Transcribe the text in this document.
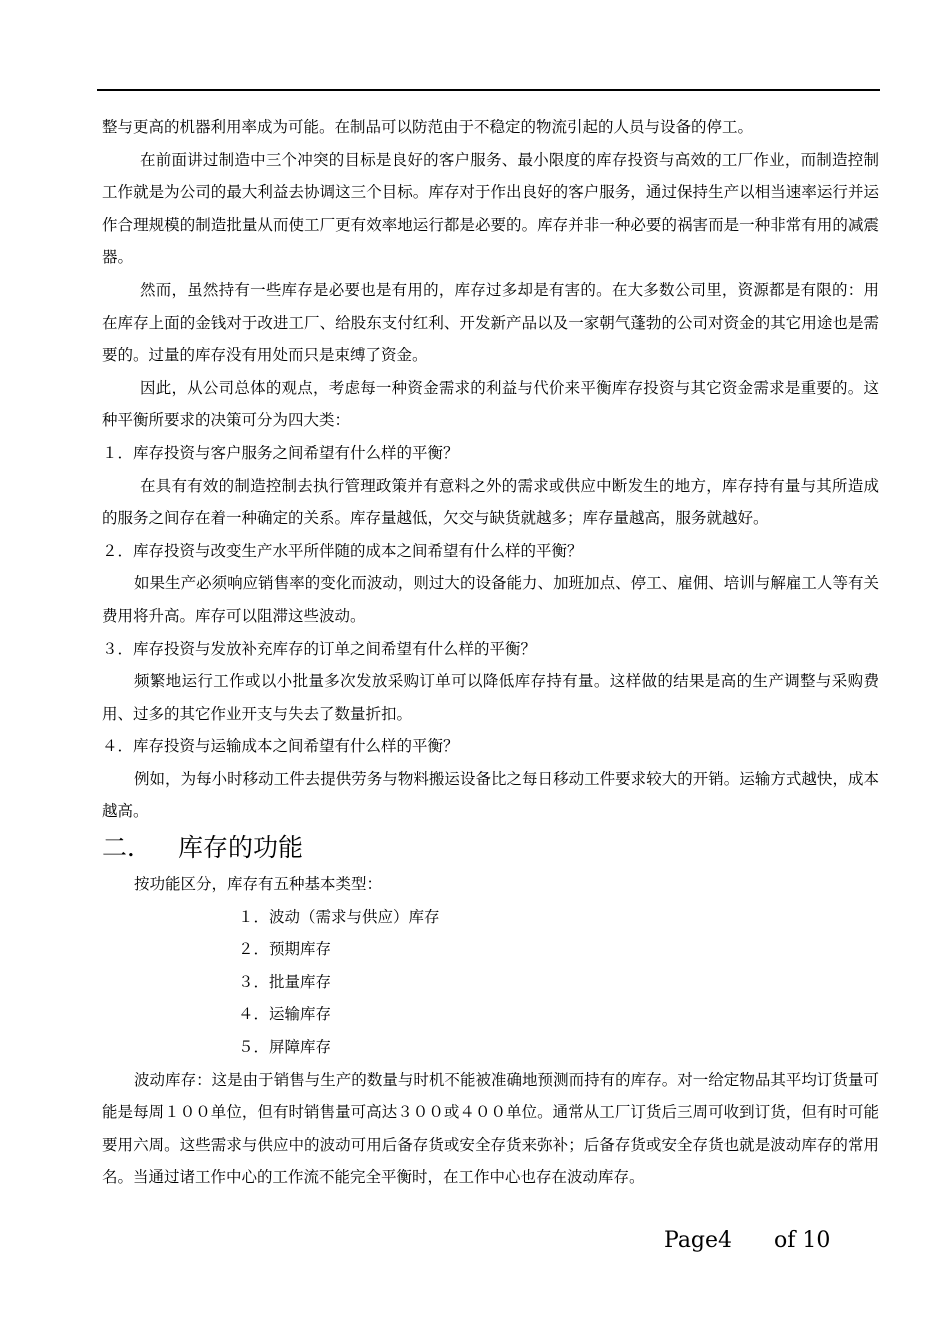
整与更高的机器利用率成为可能。在制品可以防范由于不稳定的物流引起的人员与设备的停工。

在前面讲过制造中三个冲突的目标是良好的客户服务、最小限度的库存投资与高效的工厂作业，而制造控制工作就是为公司的最大利益去协调这三个目标。库存对于作出良好的客户服务，通过保持生产以相当速率运行并运作合理规模的制造批量从而使工厂更有效率地运行都是必要的。库存并非一种必要的祸害而是一种非常有用的减震器。

然而，虽然持有一些库存是必要也是有用的，库存过多却是有害的。在大多数公司里，资源都是有限的：用在库存上面的金钱对于改进工厂、给股东支付红利、开发新产品以及一家朝气蓬勃的公司对资金的其它用途也是需要的。过量的库存没有用处而只是束缚了资金。

因此，从公司总体的观点，考虑每一种资金需求的利益与代价来平衡库存投资与其它资金需求是重要的。这种平衡所要求的决策可分为四大类：

１．库存投资与客户服务之间希望有什么样的平衡？

在具有有效的制造控制去执行管理政策并有意料之外的需求或供应中断发生的地方，库存持有量与其所造成的服务之间存在着一种确定的关系。库存量越低，欠交与缺货就越多；库存量越高，服务就越好。

２．库存投资与改变生产水平所伴随的成本之间希望有什么样的平衡？

如果生产必须响应销售率的变化而波动，则过大的设备能力、加班加点、停工、雇佣、培训与解雇工人等有关费用将升高。库存可以阻滞这些波动。

３．库存投资与发放补充库存的订单之间希望有什么样的平衡？

频繁地运行工作或以小批量多次发放采购订单可以降低库存持有量。这样做的结果是高的生产调整与采购费用、过多的其它作业开支与失去了数量折扣。

４．库存投资与运输成本之间希望有什么样的平衡？

例如，为每小时移动工件去提供劳务与物料搬运设备比之每日移动工件要求较大的开销。运输方式越快，成本越高。

二．	库存的功能

按功能区分，库存有五种基本类型：

１．波动（需求与供应）库存

２．预期库存

３．批量库存

４．运输库存

５．屏障库存

波动库存：这是由于销售与生产的数量与时机不能被准确地预测而持有的库存。对一给定物品其平均订货量可能是每周１００单位，但有时销售量可高达３００或４００单位。通常从工厂订货后三周可收到订货，但有时可能要用六周。这些需求与供应中的波动可用后备存货或安全存货来弥补；后备存货或安全存货也就是波动库存的常用名。当通过诸工作中心的工作流不能完全平衡时，在工作中心也存在波动库存。

Page4 of 10
